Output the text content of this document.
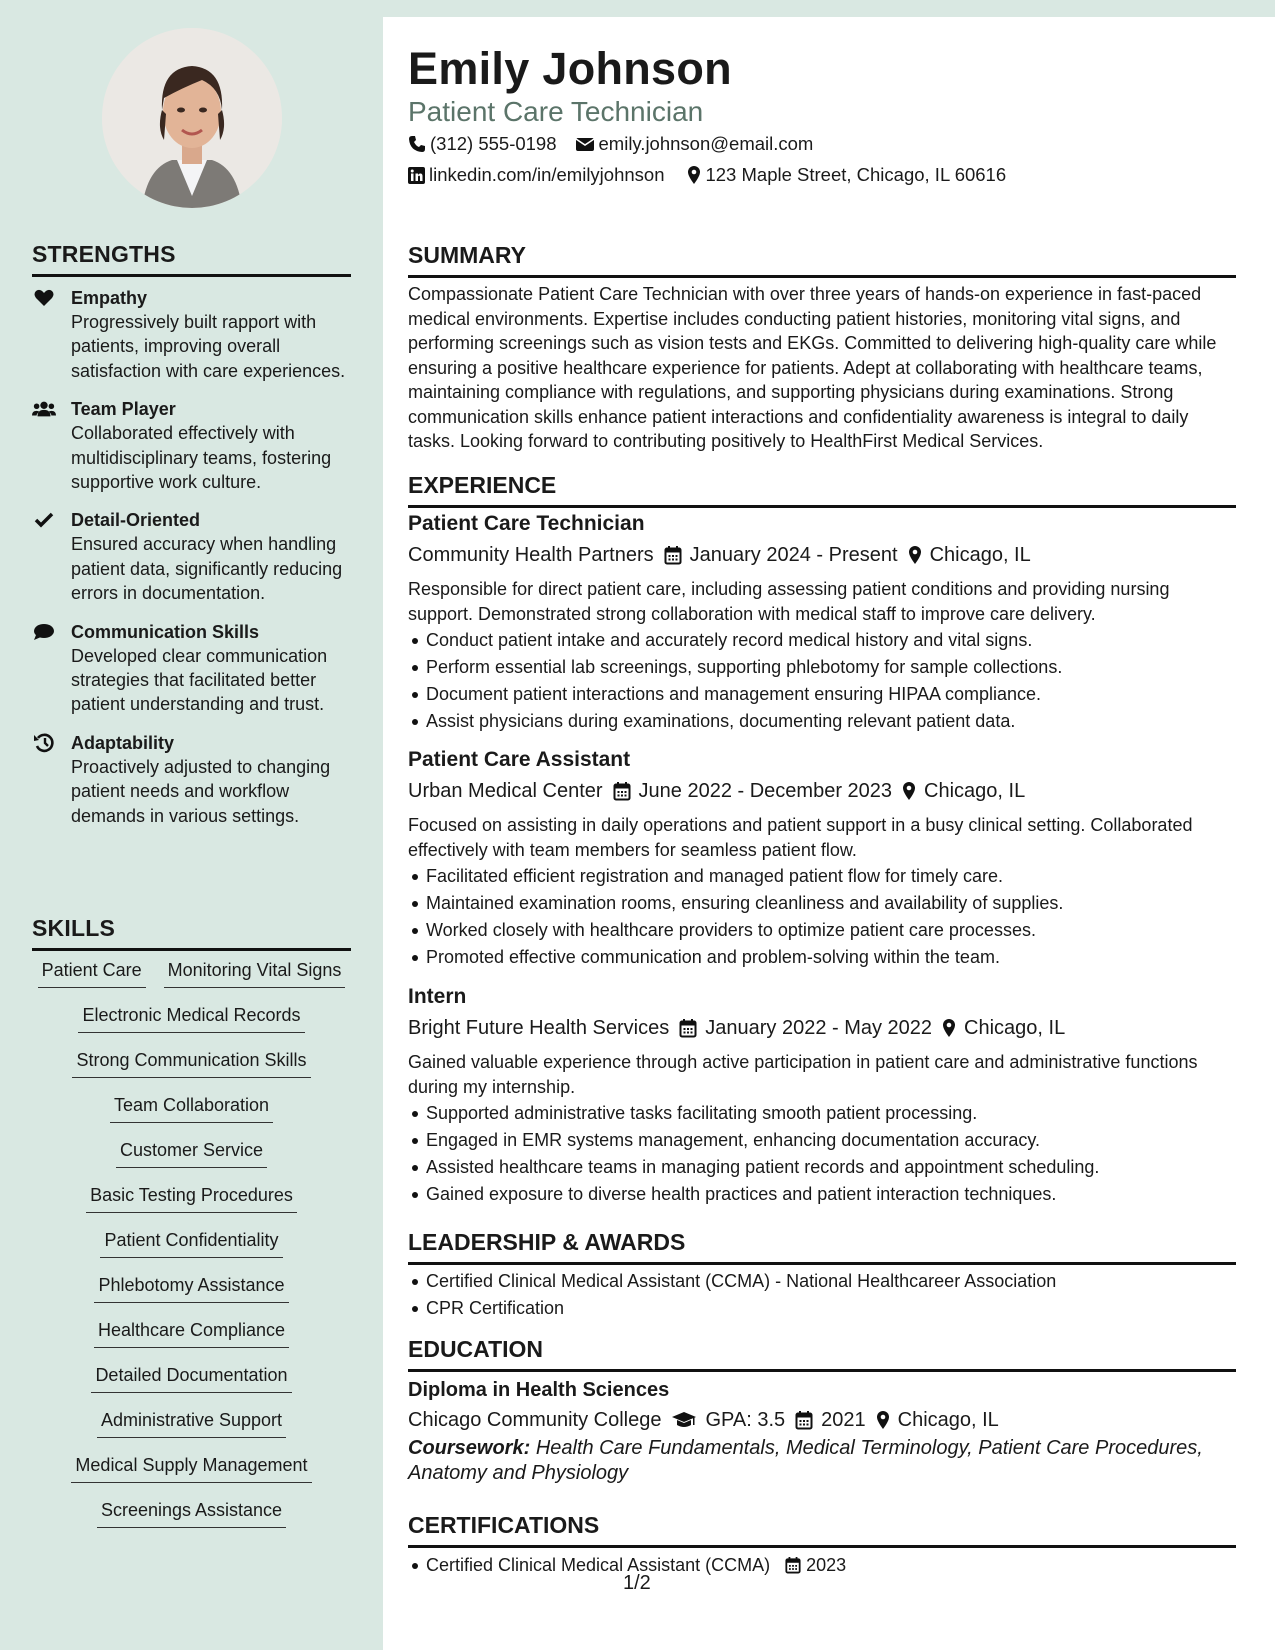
STRENGTHS
Empathy
Progressively built rapport with patients, improving overall satisfaction with care experiences.
Team Player
Collaborated effectively with multidisciplinary teams, fostering supportive work culture.
Detail-Oriented
Ensured accuracy when handling patient data, significantly reducing errors in documentation.
Communication Skills
Developed clear communication strategies that facilitated better patient understanding and trust.
Adaptability
Proactively adjusted to changing patient needs and workflow demands in various settings.
SKILLS
Patient Care Monitoring Vital Signs
Electronic Medical Records
Strong Communication Skills
Team Collaboration
Customer Service
Basic Testing Procedures
Patient Confidentiality
Phlebotomy Assistance
Healthcare Compliance
Detailed Documentation
Administrative Support
Medical Supply Management
Screenings Assistance
Emily Johnson
Patient Care Technician
(312) 555-0198 emily.johnson@email.com
linkedin.com/in/emilyjohnson 123 Maple Street, Chicago, IL 60616
SUMMARY
Compassionate Patient Care Technician with over three years of hands-on experience in fast-paced medical environments. Expertise includes conducting patient histories, monitoring vital signs, and performing screenings such as vision tests and EKGs. Committed to delivering high-quality care while ensuring a positive healthcare experience for patients. Adept at collaborating with healthcare teams, maintaining compliance with regulations, and supporting physicians during examinations. Strong communication skills enhance patient interactions and confidentiality awareness is integral to daily tasks. Looking forward to contributing positively to HealthFirst Medical Services.
EXPERIENCE
Patient Care Technician
Community Health Partners January 2024 - Present Chicago, IL
Responsible for direct patient care, including assessing patient conditions and providing nursing support. Demonstrated strong collaboration with medical staff to improve care delivery.
Conduct patient intake and accurately record medical history and vital signs.
Perform essential lab screenings, supporting phlebotomy for sample collections.
Document patient interactions and management ensuring HIPAA compliance.
Assist physicians during examinations, documenting relevant patient data.
Patient Care Assistant
Urban Medical Center June 2022 - December 2023 Chicago, IL
Focused on assisting in daily operations and patient support in a busy clinical setting. Collaborated effectively with team members for seamless patient flow.
Facilitated efficient registration and managed patient flow for timely care.
Maintained examination rooms, ensuring cleanliness and availability of supplies.
Worked closely with healthcare providers to optimize patient care processes.
Promoted effective communication and problem-solving within the team.
Intern
Bright Future Health Services January 2022 - May 2022 Chicago, IL
Gained valuable experience through active participation in patient care and administrative functions during my internship.
Supported administrative tasks facilitating smooth patient processing.
Engaged in EMR systems management, enhancing documentation accuracy.
Assisted healthcare teams in managing patient records and appointment scheduling.
Gained exposure to diverse health practices and patient interaction techniques.
LEADERSHIP & AWARDS
Certified Clinical Medical Assistant (CCMA) - National Healthcareer Association
CPR Certification
EDUCATION
Diploma in Health Sciences
Chicago Community College GPA: 3.5 2021 Chicago, IL
Coursework: Health Care Fundamentals, Medical Terminology, Patient Care Procedures, Anatomy and Physiology
CERTIFICATIONS
Certified Clinical Medical Assistant (CCMA) 2023
1/2
